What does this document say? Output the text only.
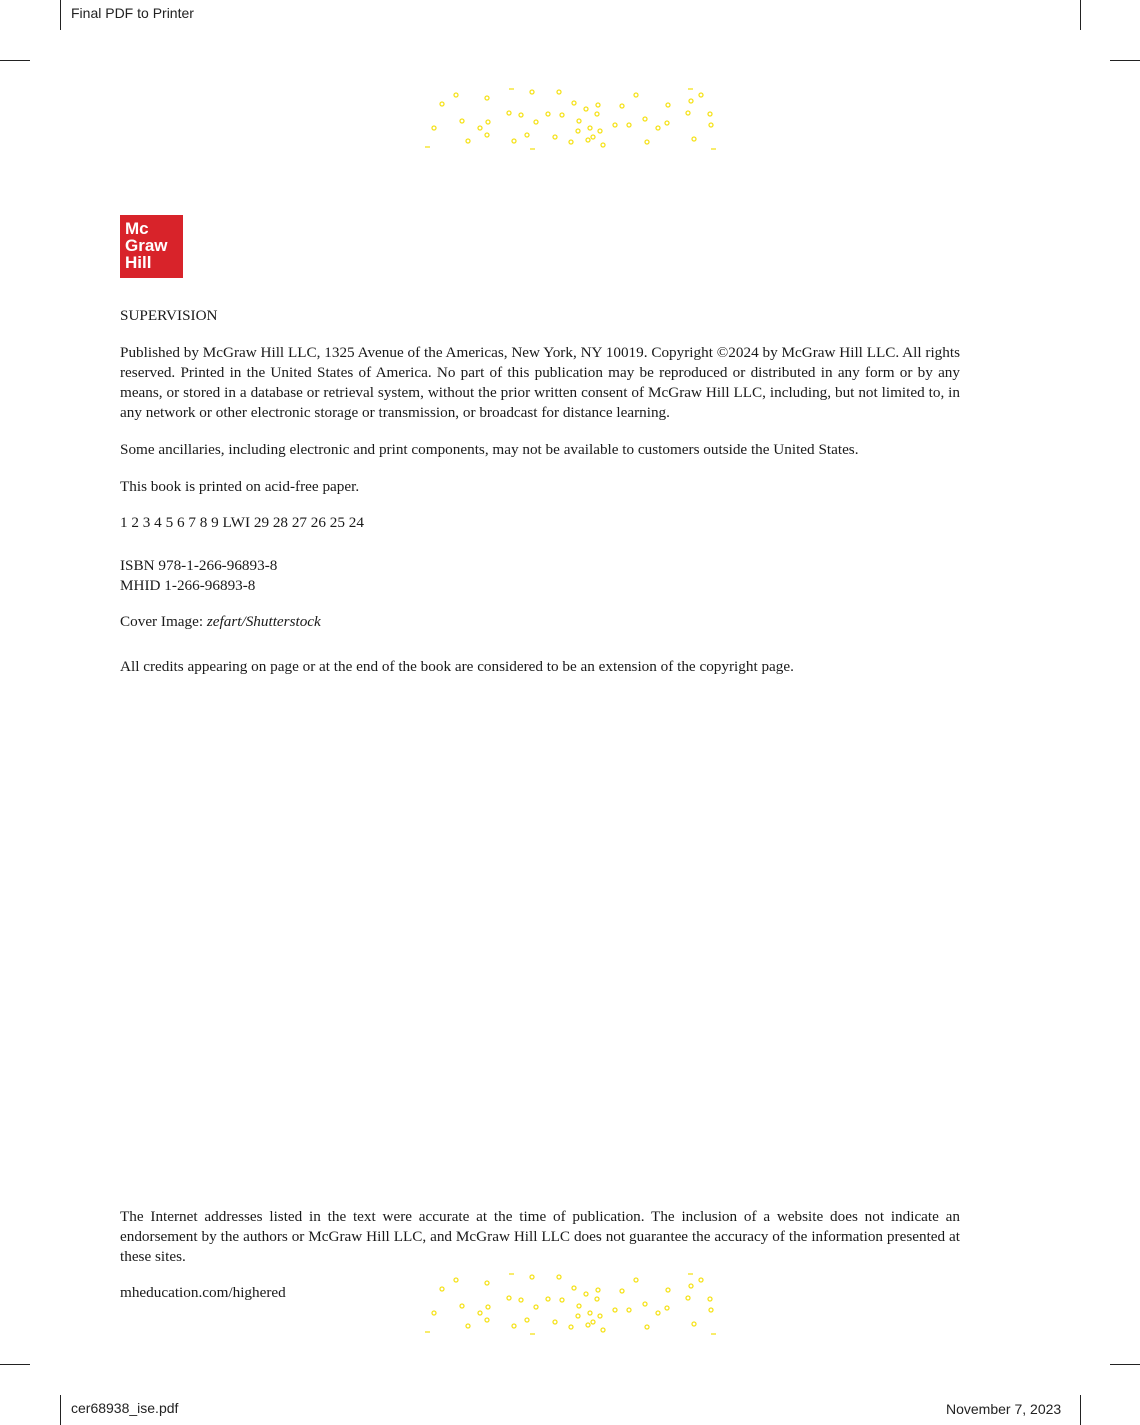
Final PDF to Printer
cer68938_ise.pdf	November 7, 2023
Mc
Graw
Hill

SUPERVISION

Published by McGraw Hill LLC, 1325 Avenue of the Americas, New York, NY 10019. Copyright ©2024 by McGraw Hill LLC. All rights reserved. Printed in the United States of America. No part of this publication may be reproduced or distributed in any form or by any means, or stored in a database or retrieval system, without the prior written consent of McGraw Hill LLC, including, but not limited to, in any network or other electronic storage or transmission, or broadcast for distance learning.

Some ancillaries, including electronic and print components, may not be available to customers outside the United States.

This book is printed on acid-free paper.

1 2 3 4 5 6 7 8 9 LWI 29 28 27 26 25 24

ISBN 978-1-266-96893-8
MHID 1-266-96893-8

Cover Image: zefart/Shutterstock

All credits appearing on page or at the end of the book are considered to be an extension of the copyright page.

The Internet addresses listed in the text were accurate at the time of publication. The inclusion of a website does not indicate an endorsement by the authors or McGraw Hill LLC, and McGraw Hill LLC does not guarantee the accuracy of the information presented at these sites.

mheducation.com/highered
